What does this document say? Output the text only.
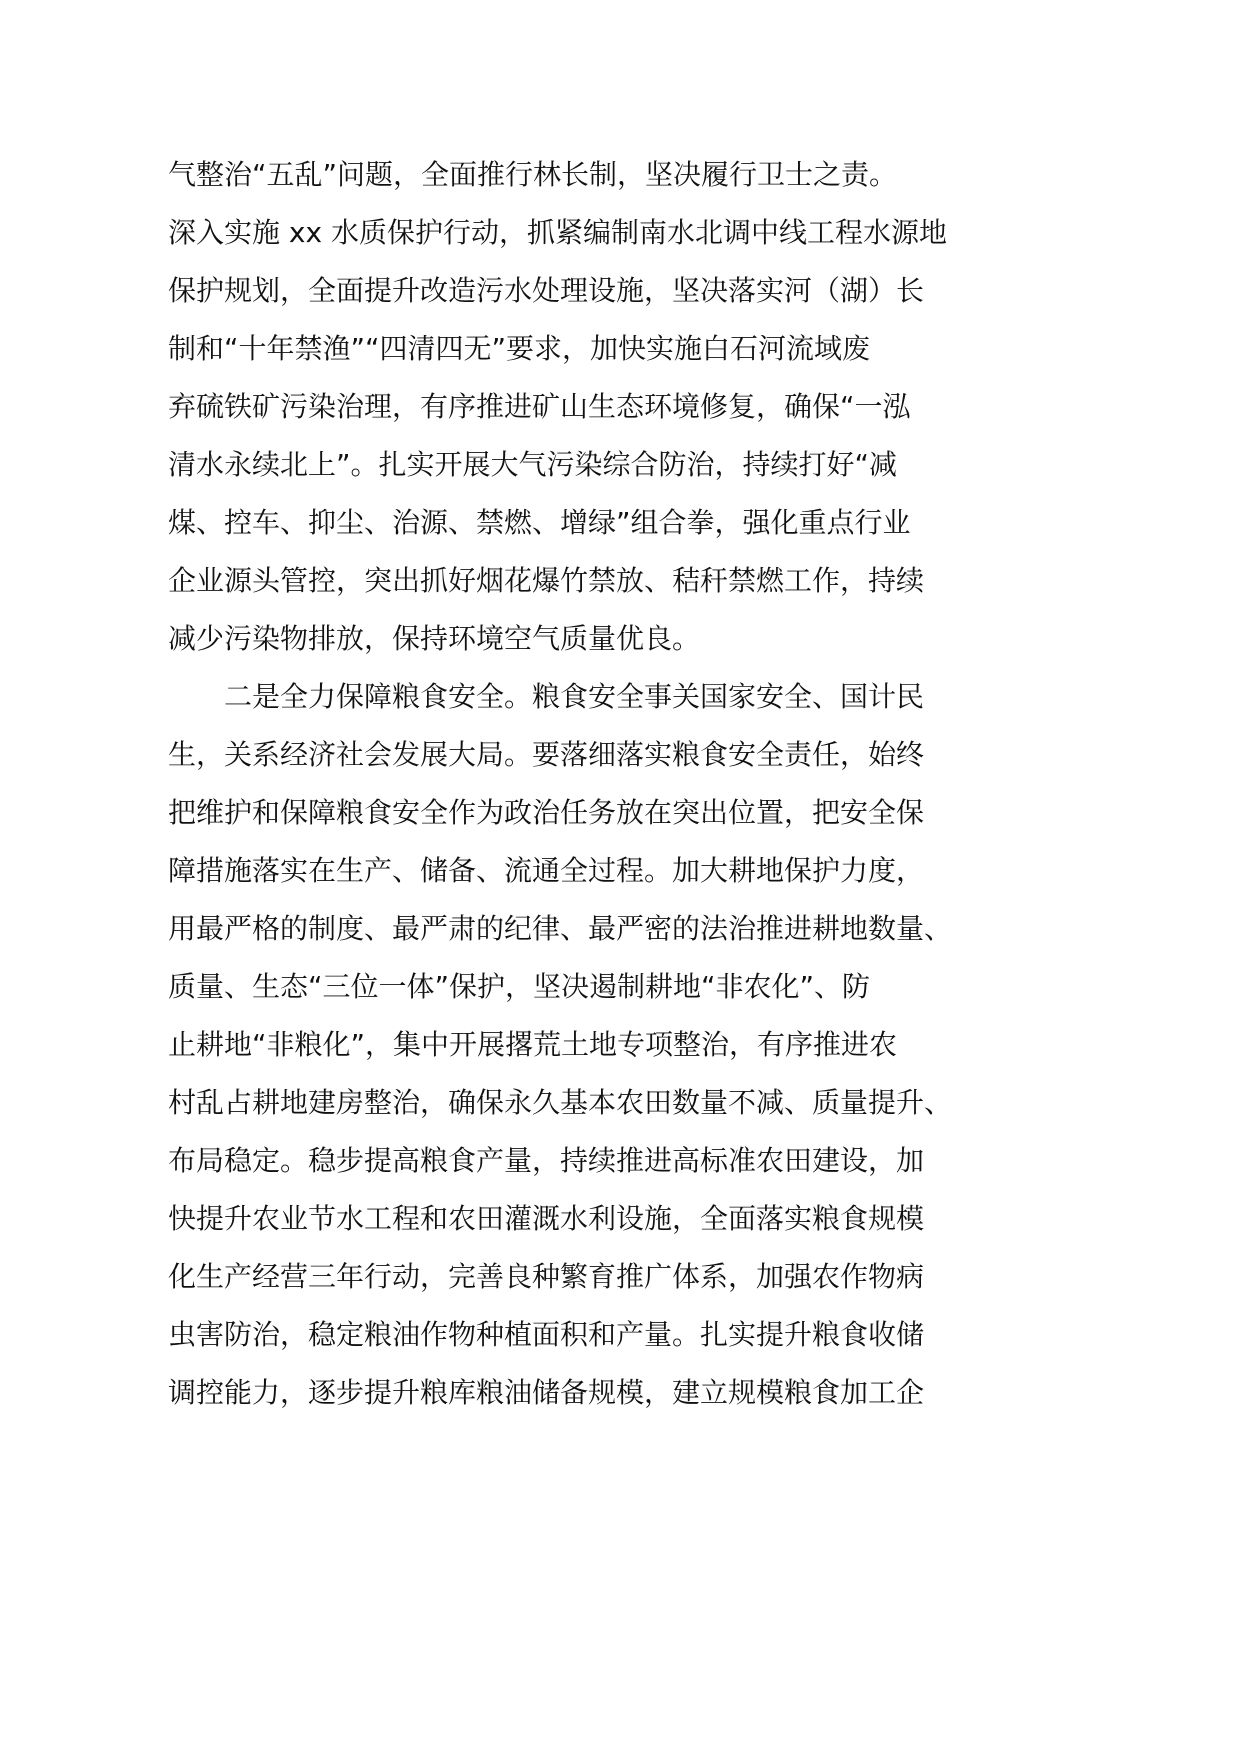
气整治“五乱”问题，全面推行林长制，坚决履行卫士之责。
深入实施 xx 水质保护行动，抓紧编制南水北调中线工程水源地
保护规划，全面提升改造污水处理设施，坚决落实河（湖）长
制和“十年禁渔”“四清四无”要求，加快实施白石河流域废
弃硫铁矿污染治理，有序推进矿山生态环境修复，确保“一泓
清水永续北上”。扎实开展大气污染综合防治，持续打好“减
煤、控车、抑尘、治源、禁燃、增绿”组合拳，强化重点行业
企业源头管控，突出抓好烟花爆竹禁放、秸秆禁燃工作，持续
减少污染物排放，保持环境空气质量优良。
二是全力保障粮食安全。粮食安全事关国家安全、国计民
生，关系经济社会发展大局。要落细落实粮食安全责任，始终
把维护和保障粮食安全作为政治任务放在突出位置，把安全保
障措施落实在生产、储备、流通全过程。加大耕地保护力度，
用最严格的制度、最严肃的纪律、最严密的法治推进耕地数量、
质量、生态“三位一体”保护，坚决遏制耕地“非农化”、防
止耕地“非粮化”，集中开展撂荒土地专项整治，有序推进农
村乱占耕地建房整治，确保永久基本农田数量不减、质量提升、
布局稳定。稳步提高粮食产量，持续推进高标准农田建设，加
快提升农业节水工程和农田灌溉水利设施，全面落实粮食规模
化生产经营三年行动，完善良种繁育推广体系，加强农作物病
虫害防治，稳定粮油作物种植面积和产量。扎实提升粮食收储
调控能力，逐步提升粮库粮油储备规模，建立规模粮食加工企
